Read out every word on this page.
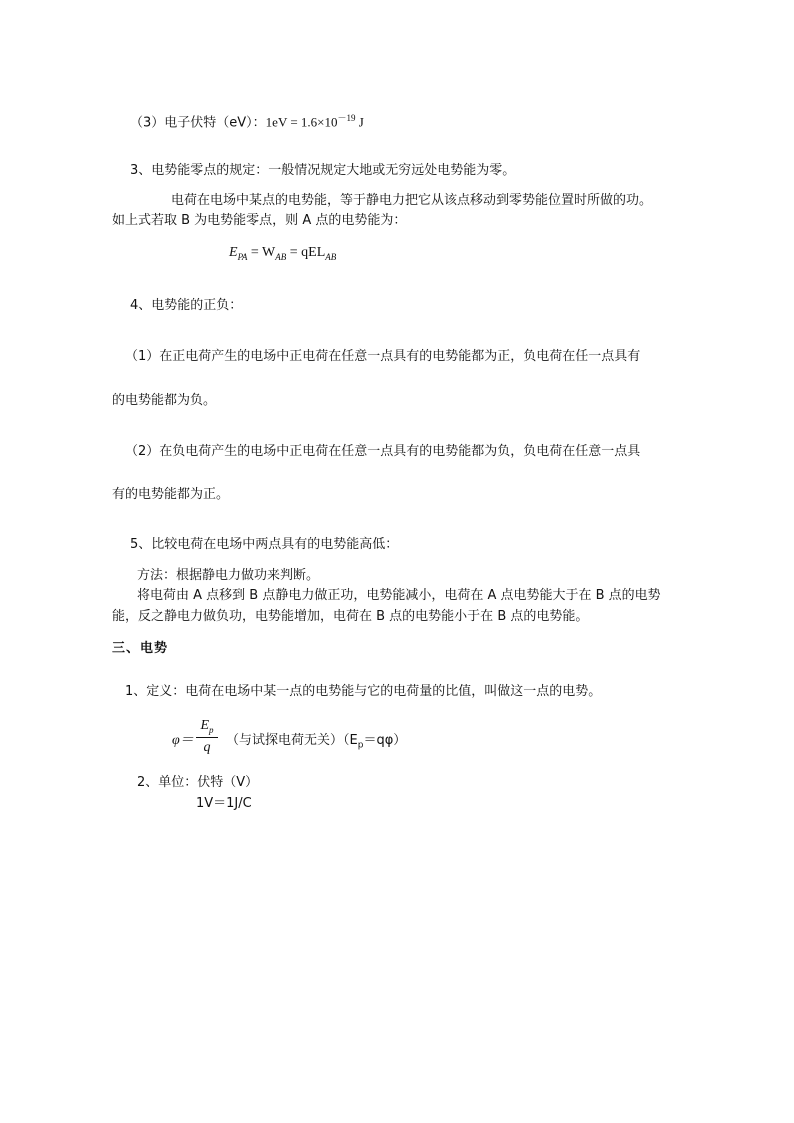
（3）电子伏特（eV）：$1eV = 1.6\times 10^{-19}$ J
3、电势能零点的规定：一般情况规定大地或无穷远处电势能为零。
电荷在电场中某点的电势能，等于静电力把它从该点移动到零势能位置时所做的功。
如上式若取 B 为电势能零点，则 A 点的电势能为：
$E_{PA} = W_{AB} = qEL_{AB}$
4、电势能的正负：
（1）在正电荷产生的电场中正电荷在任意一点具有的电势能都为正，负电荷在任一点具有
的电势能都为负。
（2）在负电荷产生的电场中正电荷在任意一点具有的电势能都为负，负电荷在任意一点具
有的电势能都为正。
5、比较电荷在电场中两点具有的电势能高低：
方法：根据静电力做功来判断。
将电荷由 A 点移到 B 点静电力做正功，电势能减小，电荷在 A 点电势能大于在 B 点的电势
能，反之静电力做负功，电势能增加，电荷在 B 点的电势能小于在 B 点的电势能。
三、电势
1、定义：电荷在电场中某一点的电势能与它的电荷量的比值，叫做这一点的电势。
φ＝
$E_p$
q	（与试探电荷无关）$(E_p=q\varphi)$
2、单位：伏特（V）
1V＝1J/C
